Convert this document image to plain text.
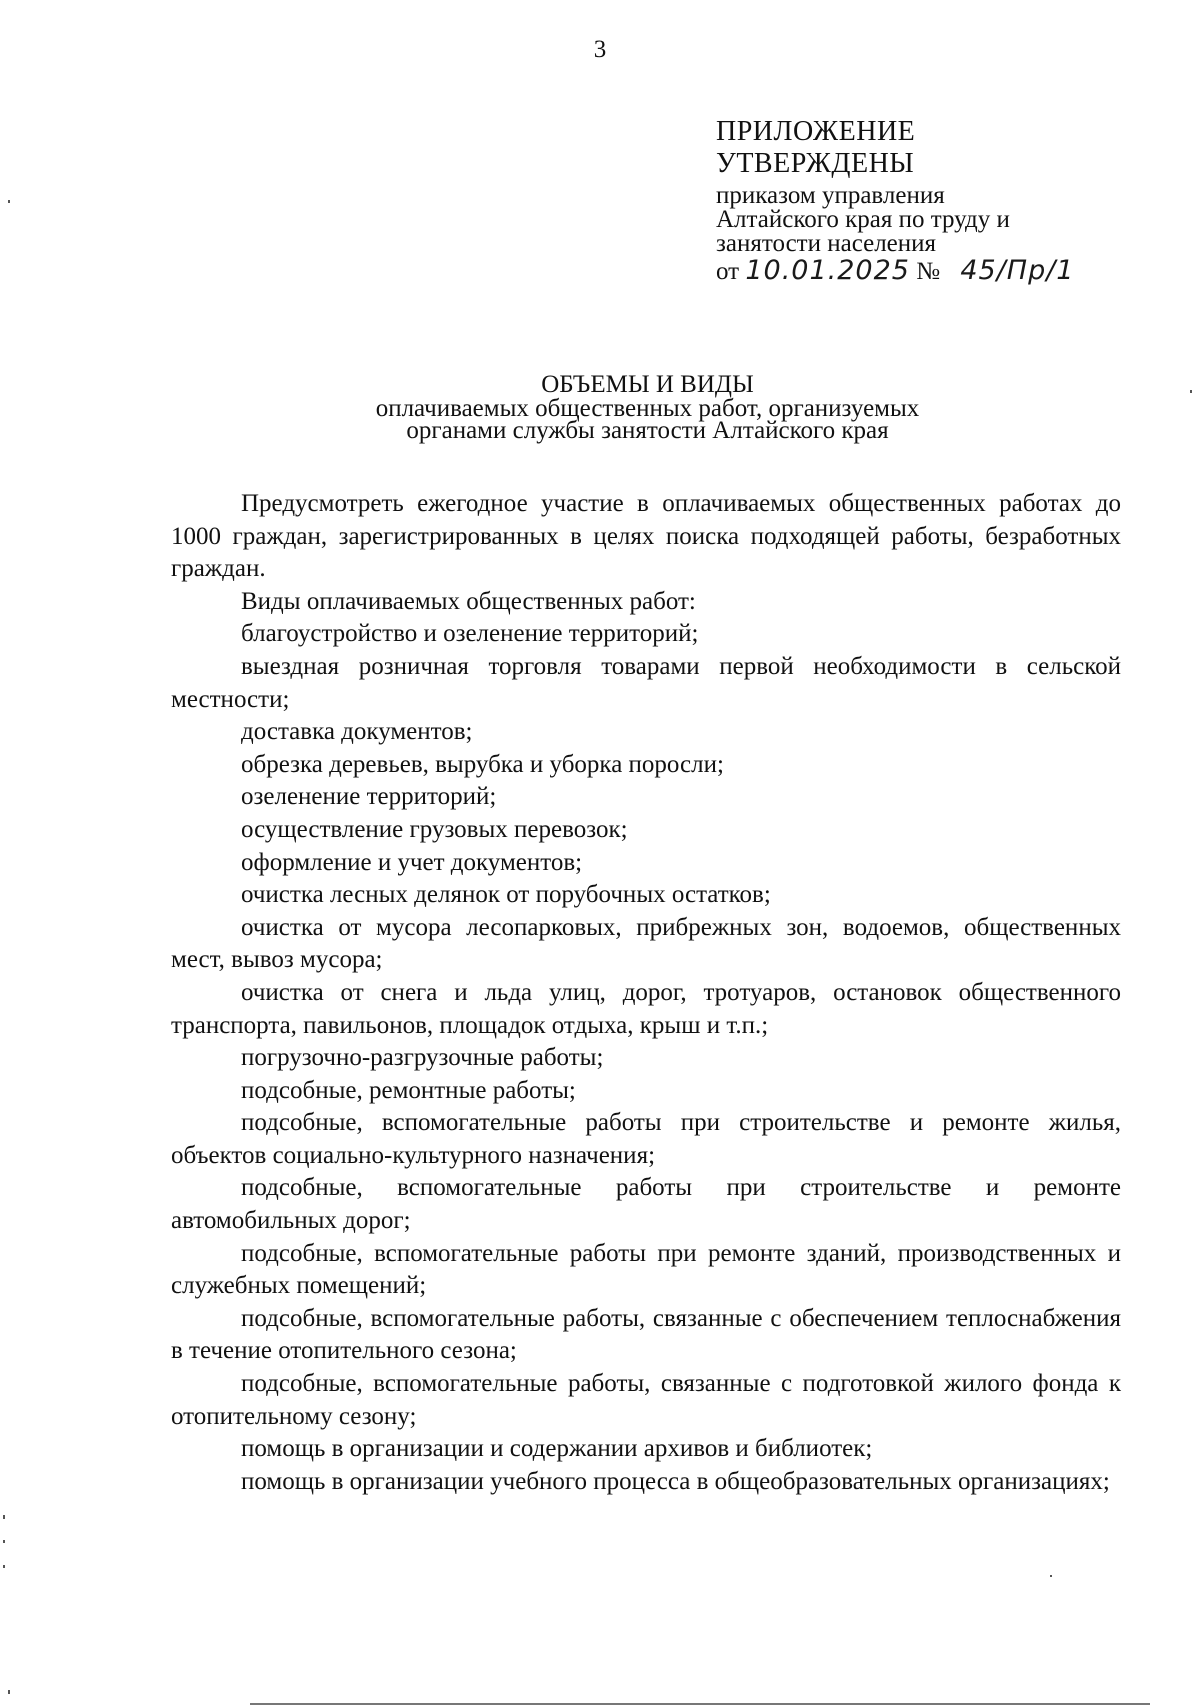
3
ПРИЛОЖЕНИЕ
УТВЕРЖДЕНЫ
приказом управления
Алтайского края по труду и
занятости населения
от 10.01.2025 № 45/Пр/1
ОБЪЕМЫ И ВИДЫ
оплачиваемых общественных работ, организуемых
органами службы занятости Алтайского края

Предусмотреть ежегодное участие в оплачиваемых общественных работах до 1000 граждан, зарегистрированных в целях поиска подходящей работы, безработных граждан.

Виды оплачиваемых общественных работ:

благоустройство и озеленение территорий;

выездная розничная торговля товарами первой необходимости в сельской местности;

доставка документов;

обрезка деревьев, вырубка и уборка поросли;

озеленение территорий;

осуществление грузовых перевозок;

оформление и учет документов;

очистка лесных делянок от порубочных остатков;

очистка от мусора лесопарковых, прибрежных зон, водоемов, общественных мест, вывоз мусора;

очистка от снега и льда улиц, дорог, тротуаров, остановок общественного транспорта, павильонов, площадок отдыха, крыш и т.п.;

погрузочно-разгрузочные работы;

подсобные, ремонтные работы;

подсобные, вспомогательные работы при строительстве и ремонте жилья, объектов социально-культурного назначения;

подсобные, вспомогательные работы при строительстве и ремонте автомобильных дорог;

подсобные, вспомогательные работы при ремонте зданий, производственных и служебных помещений;

подсобные, вспомогательные работы, связанные с обеспечением теплоснабжения в течение отопительного сезона;

подсобные, вспомогательные работы, связанные с подготовкой жилого фонда к отопительному сезону;

помощь в организации и содержании архивов и библиотек;

помощь в организации учебного процесса в общеобразовательных организациях;
